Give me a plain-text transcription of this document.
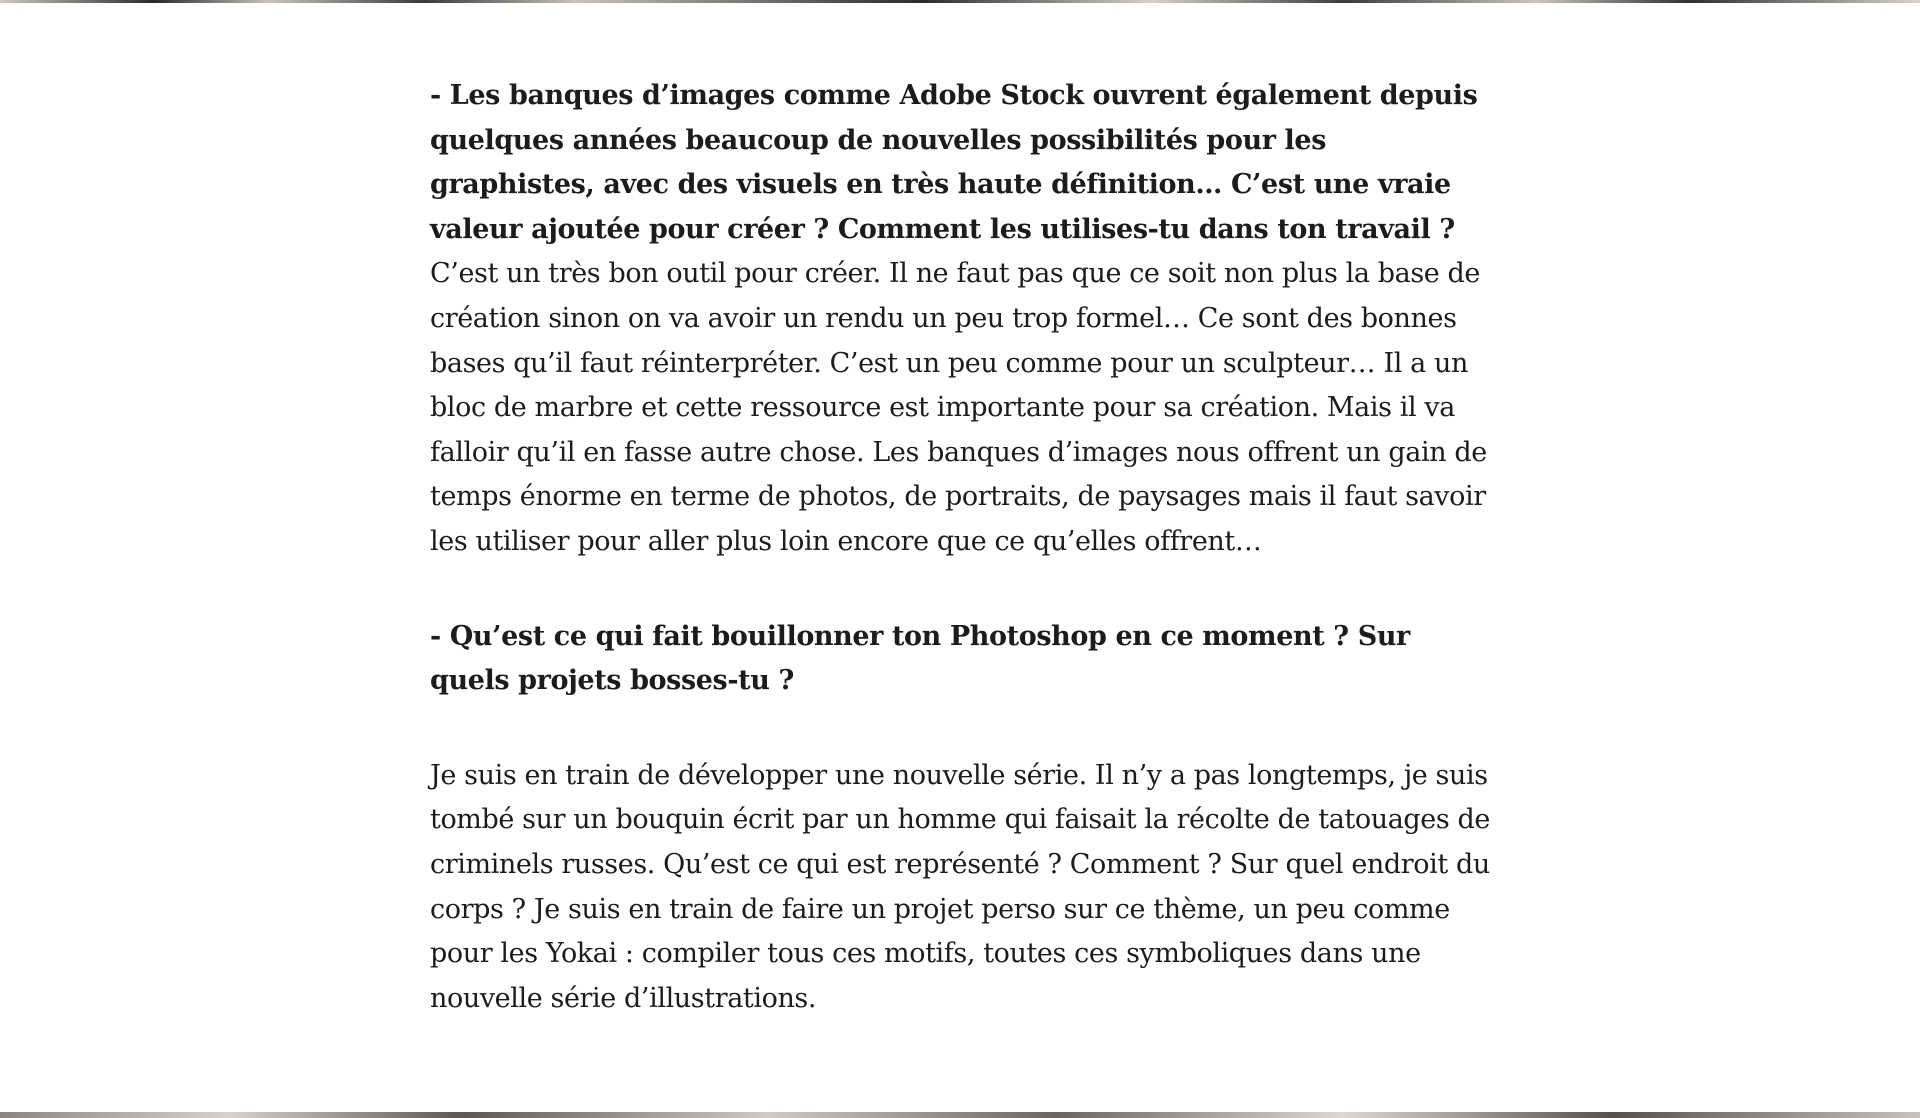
- Les banques d’images comme Adobe Stock ouvrent également depuis quelques années beaucoup de nouvelles possibilités pour les graphistes, avec des visuels en très haute définition… C’est une vraie valeur ajoutée pour créer ? Comment les utilises-tu dans ton travail ? C’est un très bon outil pour créer. Il ne faut pas que ce soit non plus la base de création sinon on va avoir un rendu un peu trop formel… Ce sont des bonnes bases qu’il faut réinterpréter. C’est un peu comme pour un sculpteur… Il a un bloc de marbre et cette ressource est importante pour sa création. Mais il va falloir qu’il en fasse autre chose. Les banques d’images nous offrent un gain de temps énorme en terme de photos, de portraits, de paysages mais il faut savoir les utiliser pour aller plus loin encore que ce qu’elles offrent…

- Qu’est ce qui fait bouillonner ton Photoshop en ce moment ? Sur quels projets bosses-tu ?

Je suis en train de développer une nouvelle série. Il n’y a pas longtemps, je suis tombé sur un bouquin écrit par un homme qui faisait la récolte de tatouages de criminels russes. Qu’est ce qui est représenté ? Comment ? Sur quel endroit du corps ? Je suis en train de faire un projet perso sur ce thème, un peu comme pour les Yokai : compiler tous ces motifs, toutes ces symboliques dans une nouvelle série d’illustrations.
